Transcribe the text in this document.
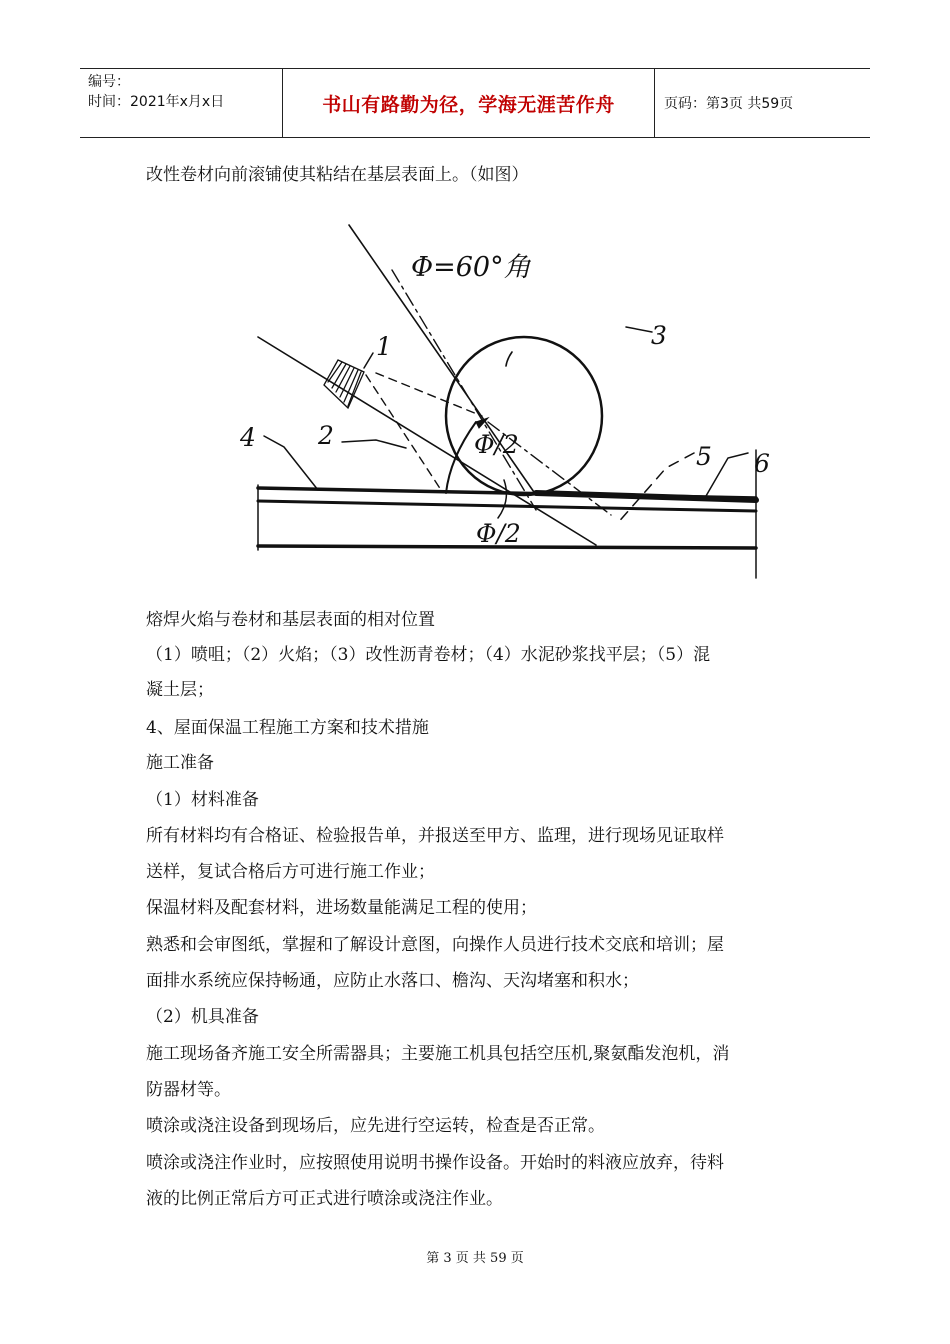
编号：
时间：2021年x月x日	书山有路勤为径，学海无涯苦作舟	页码：第3页 共59页
改性卷材向前滚铺使其粘结在基层表面上。（如图）
Φ=60°角
Φ/2
Φ/2
1
2
3
4
5 6
熔焊火焰与卷材和基层表面的相对位置
（1）喷咀；（2）火焰；（3）改性沥青卷材；（4）水泥砂浆找平层；（5）混
凝土层；
4、屋面保温工程施工方案和技术措施
施工准备
（1）材料准备
所有材料均有合格证、检验报告单，并报送至甲方、监理，进行现场见证取样
送样，复试合格后方可进行施工作业；
保温材料及配套材料，进场数量能满足工程的使用；
熟悉和会审图纸，掌握和了解设计意图，向操作人员进行技术交底和培训；屋
面排水系统应保持畅通，应防止水落口、檐沟、天沟堵塞和积水；
（2）机具准备
施工现场备齐施工安全所需器具；主要施工机具包括空压机,聚氨酯发泡机，消
防器材等。
喷涂或浇注设备到现场后，应先进行空运转，检查是否正常。
喷涂或浇注作业时，应按照使用说明书操作设备。开始时的料液应放弃，待料
液的比例正常后方可正式进行喷涂或浇注作业。
第 3 页 共 59 页
